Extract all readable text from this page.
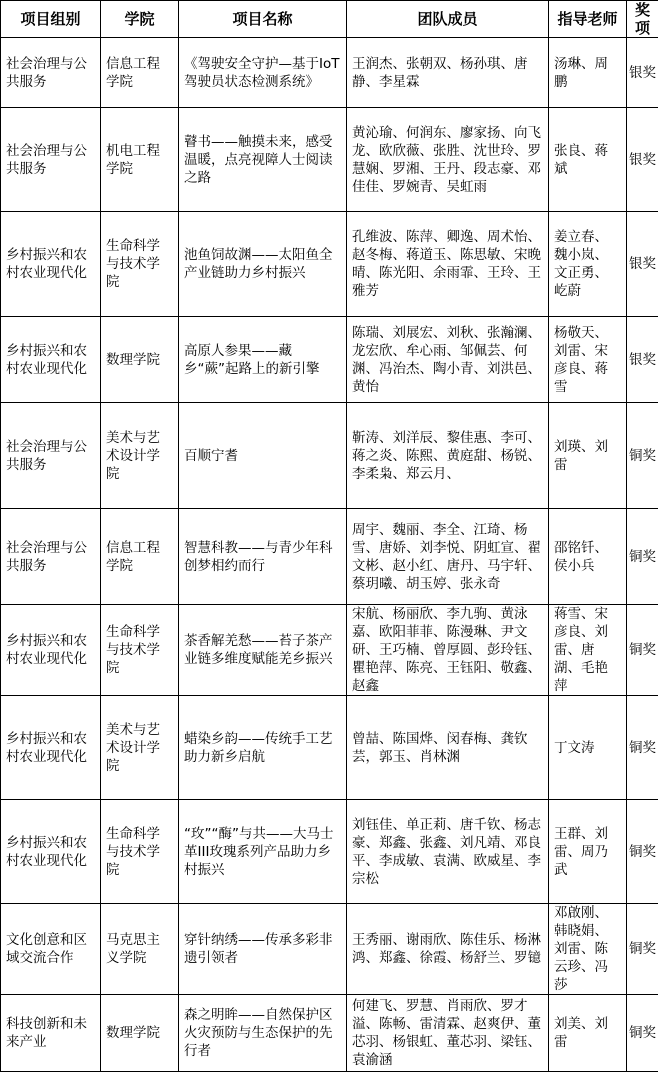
项目组别	学院	项目名称	团队成员	指导老师	奖项
社会治理与公共服务	信息工程学院	《驾驶安全守护—基于IoT驾驶员状态检测系统》	王润杰、张朝双、杨孙琪、唐静、李星霖	汤琳、周鹏	银奖
社会治理与公共服务	机电工程学院	瞽书——触摸未来，感受温暖，点亮视障人士阅读之路	黄沁瑜、何润东、廖家扬、向飞龙、欧欣薇、张胜、沈世玲、罗慧娴、罗湘、王丹、段志豪、邓佳佳、罗婉青、吴虹雨	张良、蒋斌	银奖
乡村振兴和农村农业现代化	生命科学与技术学院	池鱼饲故渊——太阳鱼全产业链助力乡村振兴	孔维波、陈萍、卿逸、周术怡、赵冬梅、蒋道玉、陈思敏、宋晚晴、陈光阳、余雨霏、王玲、王雅芳	姜立春、魏小岚、文正勇、屹蔚	银奖
乡村振兴和农村农业现代化	数理学院	高原人参果——藏乡“蕨”起路上的新引擎	陈瑞、刘展宏、刘秋、张瀚澜、龙宏欣、牟心雨、邹佩芸、何渊、冯治杰、陶小青、刘洪邑、黄怡	杨敬天、刘雷、宋彦良、蒋雪	银奖
社会治理与公共服务	美术与艺术设计学院	百顺宁耆	靳涛、刘洋辰、黎佳惠、李可、蒋之炎、陈熙、黄庭甜、杨锐、李柔枭、郑云月、	刘瑛、刘雷	铜奖
社会治理与公共服务	信息工程学院	智慧科教——与青少年科创梦相约而行	周宇、魏丽、李全、江琦、杨雪、唐娇、刘李悦、阴虹宣、翟文彬、赵小红、唐丹、马宇轩、蔡玥曦、胡玉婷、张永奇	邵铭钎、侯小兵	铜奖
乡村振兴和农村农业现代化	生命科学与技术学院	茶香解羌愁——苔子茶产业链多维度赋能羌乡振兴	宋航、杨丽欣、李九驹、黄泳嘉、欧阳菲菲、陈漫琳、尹文研、王巧楠、曾厚圆、彭玲钰、瞿艳萍、陈亮、王钰阳、敬鑫、赵鑫	蒋雪、宋彦良、刘雷、唐湖、毛艳萍	铜奖
乡村振兴和农村农业现代化	美术与艺术设计学院	蜡染乡韵——传统手工艺助力新乡启航	曾喆、陈国烨、闵春梅、龚钦芸，郭玉、肖林渊	丁文涛	铜奖
乡村振兴和农村农业现代化	生命科学与技术学院	“玫”“酶”与共——大马士革III玫瑰系列产品助力乡村振兴	刘钰佳、单正莉、唐千钦、杨志豪、郑鑫、张鑫、刘凡靖、邓良平、李成敏、袁满、欧威星、李宗松	王群、刘雷、周乃武	铜奖
文化创意和区域交流合作	马克思主义学院	穿针纳绣——传承多彩非遗引领者	王秀丽、谢雨欣、陈佳乐、杨淋鸿、郑鑫、徐霞、杨舒兰、罗镱	邓啟刚、韩晓娟、刘雷、陈云珍、冯莎	铜奖
科技创新和未来产业	数理学院	森之明眸——自然保护区火灾预防与生态保护的先行者	何建飞、罗慧、肖雨欣、罗才溢、陈畅、雷清霖、赵爽伊、董芯羽、杨银虹、董芯羽、梁钰、袁渝涵	刘美、刘雷	铜奖
